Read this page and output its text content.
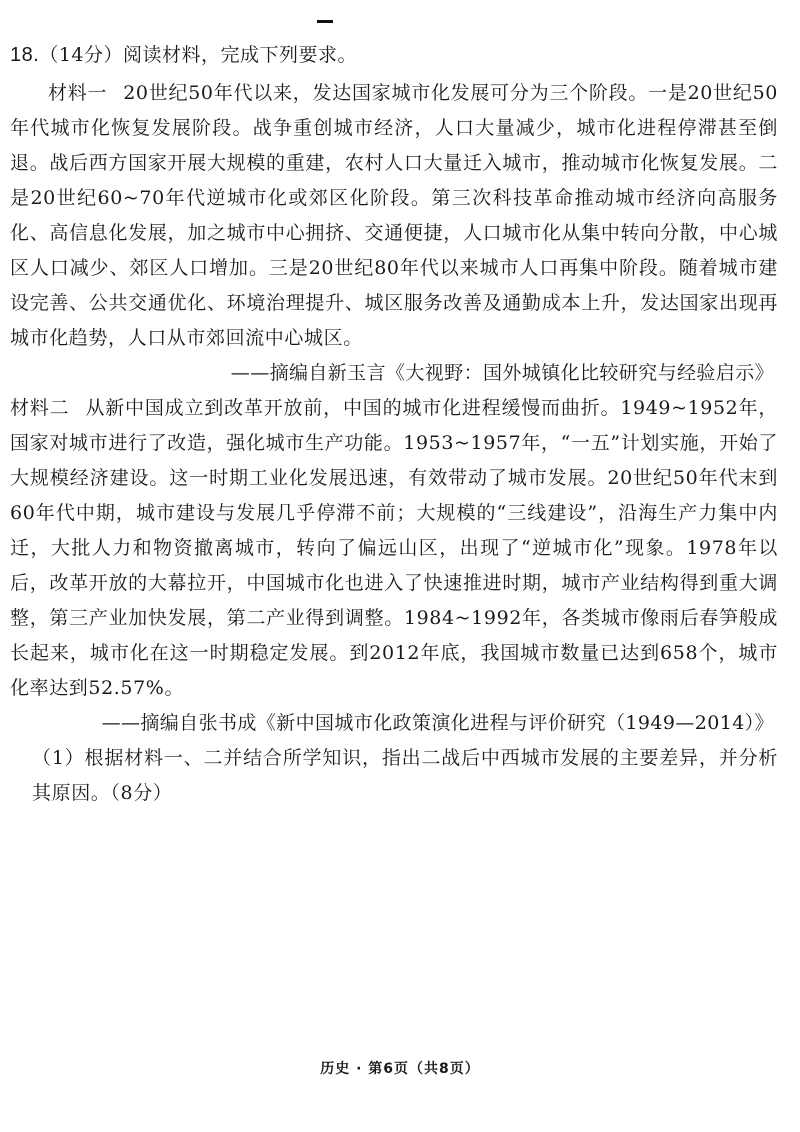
18.（14分）阅读材料，完成下列要求。

材料一 20世纪50年代以来，发达国家城市化发展可分为三个阶段。一是20世纪50年代城市化恢复发展阶段。战争重创城市经济，人口大量减少，城市化进程停滞甚至倒退。战后西方国家开展大规模的重建，农村人口大量迁入城市，推动城市化恢复发展。二是20世纪60~70年代逆城市化或郊区化阶段。第三次科技革命推动城市经济向高服务化、高信息化发展，加之城市中心拥挤、交通便捷，人口城市化从集中转向分散，中心城区人口减少、郊区人口增加。三是20世纪80年代以来城市人口再集中阶段。随着城市建设完善、公共交通优化、环境治理提升、城区服务改善及通勤成本上升，发达国家出现再城市化趋势，人口从市郊回流中心城区。

——摘编自新玉言《大视野：国外城镇化比较研究与经验启示》

材料二 从新中国成立到改革开放前，中国的城市化进程缓慢而曲折。1949~1952年，国家对城市进行了改造，强化城市生产功能。1953~1957年，“一五”计划实施，开始了大规模经济建设。这一时期工业化发展迅速，有效带动了城市发展。20世纪50年代末到60年代中期，城市建设与发展几乎停滞不前；大规模的“三线建设”，沿海生产力集中内迁，大批人力和物资撤离城市，转向了偏远山区，出现了“逆城市化”现象。1978年以后，改革开放的大幕拉开，中国城市化也进入了快速推进时期，城市产业结构得到重大调整，第三产业加快发展，第二产业得到调整。1984~1992年，各类城市像雨后春笋般成长起来，城市化在这一时期稳定发展。到2012年底，我国城市数量已达到658个，城市化率达到52.57%。

——摘编自张书成《新中国城市化政策演化进程与评价研究（1949—2014）》

（1）根据材料一、二并结合所学知识，指出二战后中西城市发展的主要差异，并分析其原因。（8分）

历史 · 第6页（共8页）
